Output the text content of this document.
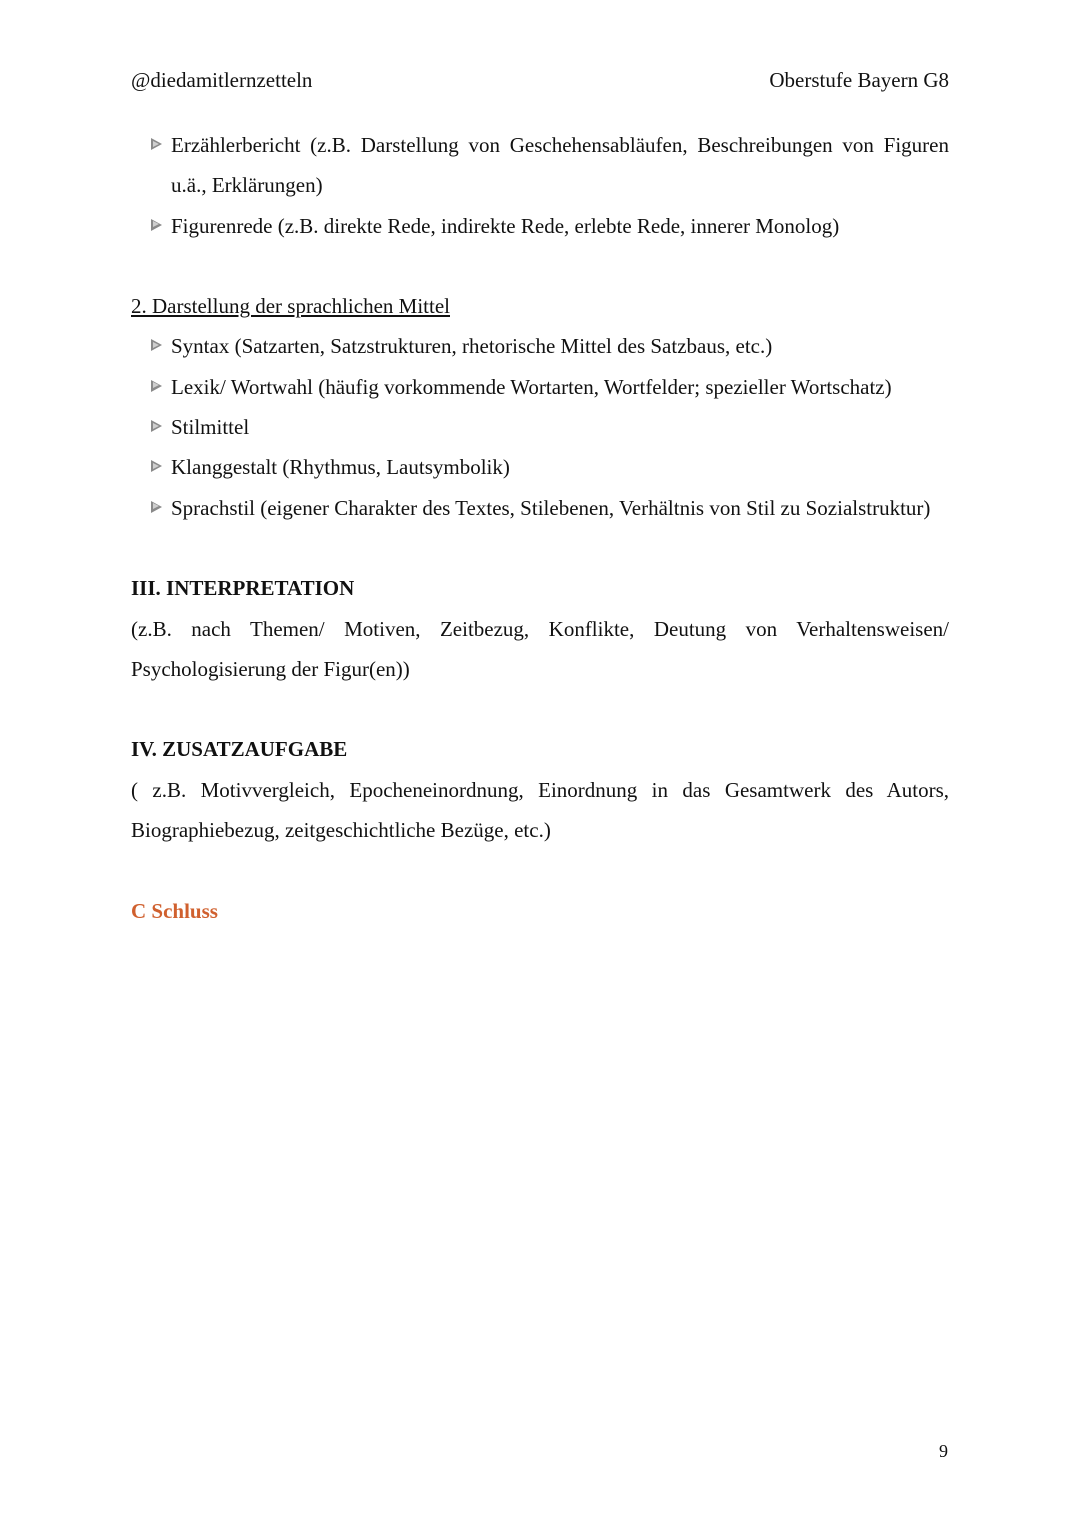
@diedamitlernzetteln	Oberstufe Bayern G8
Erzählerbericht (z.B. Darstellung von Geschehensabläufen, Beschreibungen von Figuren u.ä., Erklärungen)
Figurenrede (z.B. direkte Rede, indirekte Rede, erlebte Rede, innerer Monolog)
2. Darstellung der sprachlichen Mittel
Syntax (Satzarten, Satzstrukturen, rhetorische Mittel des Satzbaus, etc.)
Lexik/ Wortwahl (häufig vorkommende Wortarten, Wortfelder; spezieller Wortschatz)
Stilmittel
Klanggestalt (Rhythmus, Lautsymbolik)
Sprachstil (eigener Charakter des Textes, Stilebenen, Verhältnis von Stil zu Sozialstruktur)
III. INTERPRETATION
(z.B. nach Themen/ Motiven, Zeitbezug, Konflikte, Deutung von Verhaltensweisen/ Psychologisierung der Figur(en))
IV. ZUSATZAUFGABE
( z.B. Motivvergleich, Epocheneinordnung, Einordnung in das Gesamtwerk des Autors, Biographiebezug, zeitgeschichtliche Bezüge, etc.)
C Schluss
9
